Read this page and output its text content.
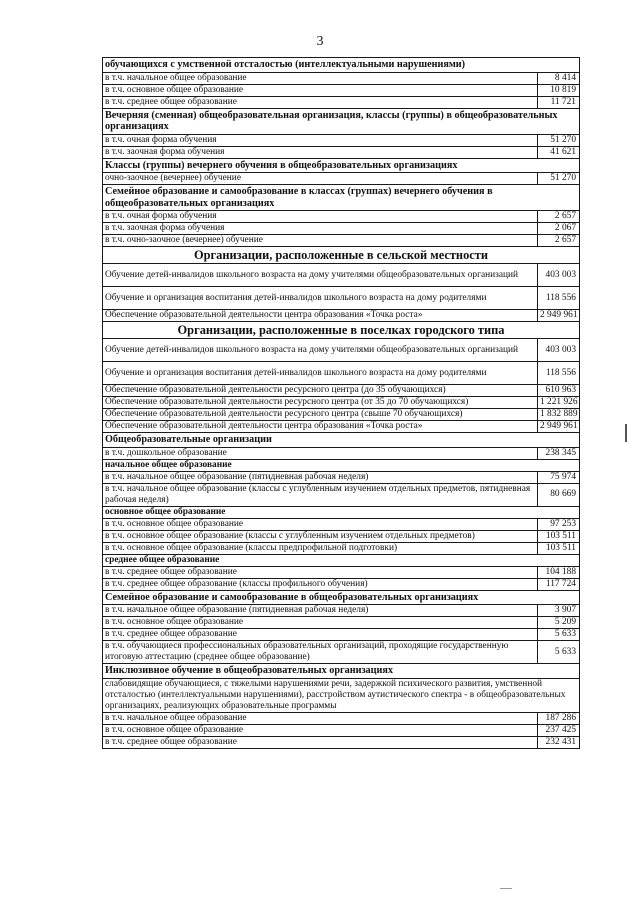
3
обучающихся с умственной отсталостью (интеллектуальными нарушениями)	
в т.ч. начальное общее образование	8 414
в т.ч. основное общее образование	10 819
в т.ч. среднее общее образование	11 721
Вечерняя (сменная) общеобразовательная организация, классы (группы) в общеобразовательных организациях	
в т.ч. очная форма обучения	51 270
в т.ч. заочная форма обучения	41 621
Классы (группы) вечернего обучения в общеобразовательных организациях	
очно-заочное (вечернее) обучение	51 270
Семейное образование и самообразование в классах (группах) вечернего обучения в общеобразовательных организациях	
в т.ч. очная форма обучения	2 657
в т.ч. заочная форма обучения	2 067
в т.ч. очно-заочное (вечернее) обучение	2 657
Организации, расположенные в сельской местности	
Обучение детей-инвалидов школьного возраста на дому учителями общеобразовательных организаций	403 003
Обучение и организация воспитания детей-инвалидов школьного возраста на дому родителями	118 556
Обеспечение образовательной деятельности центра образования «Точка роста»	2 949 961
Организации, расположенные в поселках городского типа	
Обучение детей-инвалидов школьного возраста на дому учителями общеобразовательных организаций	403 003
Обучение и организация воспитания детей-инвалидов школьного возраста на дому родителями	118 556
Обеспечение образовательной деятельности ресурсного центра (до 35 обучающихся)	610 963
Обеспечение образовательной деятельности ресурсного центра (от 35 до 70 обучающихся)	1 221 926
Обеспечение образовательной деятельности ресурсного центра (свыше 70 обучающихся)	1 832 889
Обеспечение образовательной деятельности центра образования «Точка роста»	2 949 961
Общеобразовательные организации	
в т.ч. дошкольное образование	238 345
начальное общее образование	
в т.ч. начальное общее образование (пятидневная рабочая неделя)	75 974
в т.ч. начальное общее образование (классы с углубленным изучением отдельных предметов, пятидневная рабочая неделя)	80 669
основное общее образование	
в т.ч. основное общее образование	97 253
в т.ч. основное общее образование (классы с углубленным изучением отдельных предметов)	103 511
в т.ч. основное общее образование (классы предпрофильной подготовки)	103 511
среднее общее образование	
в т.ч. среднее общее образование	104 188
в т.ч. среднее общее образование (классы профильного обучения)	117 724
Семейное образование и самообразование в общеобразовательных организациях	
в т.ч. начальное общее образование (пятидневная рабочая неделя)	3 907
в т.ч. основное общее образование	5 209
в т.ч. среднее общее образование	5 633
в т.ч. обучающиеся профессиональных образовательных организаций, проходящие государственную итоговую аттестацию (среднее общее образование)	5 633
Инклюзивное обучение в общеобразовательных организациях	
слабовидящие обучающиеся, с тяжелыми нарушениями речи, задержкой психического развития, умственной отсталостью (интеллектуальными нарушениями), расстройством аутистического спектра - в общеобразовательных организациях, реализующих образовательные программы	
в т.ч. начальное общее образование	187 286
в т.ч. основное общее образование	237 425
в т.ч. среднее общее образование	232 431
